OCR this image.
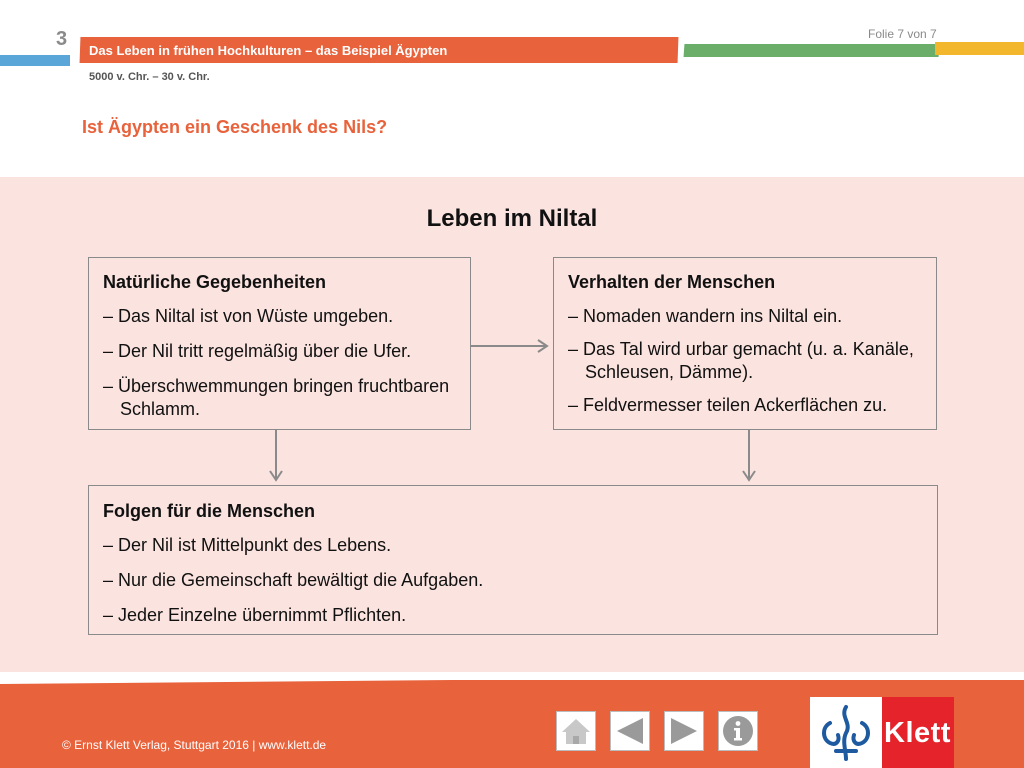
3
Das Leben in frühen Hochkulturen – das Beispiel Ägypten
Folie 7 von 7
5000 v. Chr. – 30 v. Chr.
Ist Ägypten ein Geschenk des Nils?
Leben im Niltal
Natürliche Gegebenheiten
– Das Niltal ist von Wüste umgeben.
– Der Nil tritt regelmäßig über die Ufer.
– Überschwemmungen bringen fruchtbaren Schlamm.
Verhalten der Menschen
– Nomaden wandern ins Niltal ein.
– Das Tal wird urbar gemacht (u. a. Kanäle, Schleusen, Dämme).
– Feldvermesser teilen Ackerflächen zu.
Folgen für die Menschen
– Der Nil ist Mittelpunkt des Lebens.
– Nur die Gemeinschaft bewältigt die Aufgaben.
– Jeder Einzelne übernimmt Pflichten.
© Ernst Klett Verlag, Stuttgart 2016 | www.klett.de	Klett
